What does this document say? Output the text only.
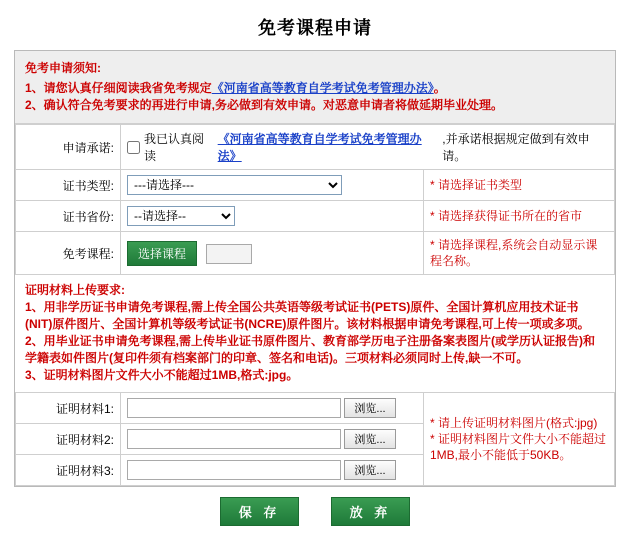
免考课程申请
免考申请须知:
1、请您认真仔细阅读我省免考规定《河南省高等教育自学考试免考管理办法》。
2、确认符合免考要求的再进行申请,务必做到有效申请。对恶意申请者将做延期毕业处理。
申请承诺:	我已认真阅读
《河南省高等教育自学考试免考管理办法》
,并承诺根据规定做到有效申请。	

证书类型:	
---请选择---	* 请选择证书类型
证书省份:	
--请选择--	* 请选择获得证书所在的省市
免考课程:	选择课程	* 请选择课程,系统会自动显示课程名称。

证明材料上传要求:

1、用非学历证书申请免考课程,需上传全国公共英语等级考试证书(PETS)原件、全国计算机应用技术证书(NIT)原件图片、全国计算机等级考试证书(NCRE)原件图片。该材料根据申请免考课程,可上传一项或多项。

2、用毕业证书申请免考课程,需上传毕业证书原件图片、教育部学历电子注册备案表图片(或学历认证报告)和学籍表如件图片(复印件须有档案部门的印章、签名和电话)。三项材料必须同时上传,缺一不可。

3、证明材料图片文件大小不能超过1MB,格式:jpg。

证明材料1:	浏览...	* 请上传证明材料图片(格式:jpg)
* 证明材料图片文件大小不能超过1MB,最小不能低于50KB。

证明材料2:	浏览...	

证明材料3:	浏览...	
保 存	放 弃
